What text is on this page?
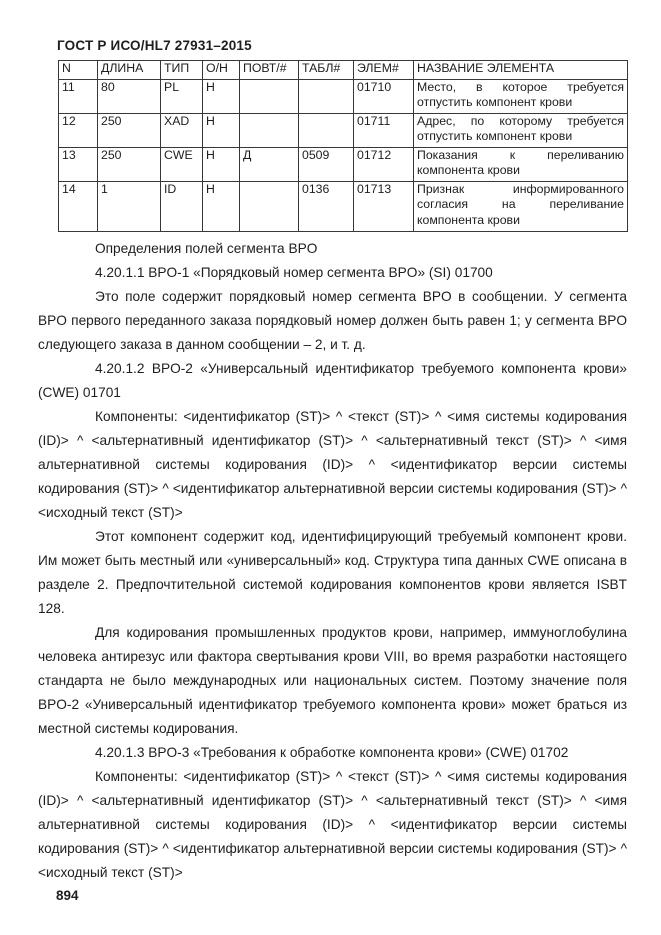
ГОСТ Р ИСО/HL7 27931–2015
N	ДЛИНА	ТИП	О/Н	ПОВТ/#	ТАБЛ#	ЭЛЕМ#	НАЗВАНИЕ ЭЛЕМЕНТА
11	80	PL	Н			01710	Место, в которое требуется отпустить компонент крови
12	250	XAD	Н			01711	Адрес, по которому требуется отпустить компонент крови
13	250	CWE	Н	Д	0509	01712	Показания к переливанию компонента крови
14	1	ID	Н		0136	01713	Признак информированного согласия на переливание компонента крови

Определения полей сегмента BPO

4.20.1.1 BPO-1 «Порядковый номер сегмента BPO» (SI) 01700

Это поле содержит порядковый номер сегмента BPO в сообщении. У сегмента BPO первого переданного заказа порядковый номер должен быть равен 1; у сегмента BPO следующего заказа в данном сообщении – 2, и т. д.

4.20.1.2 BPO-2 «Универсальный идентификатор требуемого компонента крови» (CWE) 01701

Компоненты: <идентификатор (ST)> ^ <текст (ST)> ^ <имя системы кодирования (ID)> ^ <альтернативный идентификатор (ST)> ^ <альтернативный текст (ST)> ^ <имя альтернативной системы кодирования (ID)> ^ <идентификатор версии системы кодирования (ST)> ^ <идентификатор альтернативной версии системы кодирования (ST)> ^ <исходный текст (ST)>

Этот компонент содержит код, идентифицирующий требуемый компонент крови. Им может быть местный или «универсальный» код. Структура типа данных CWE описана в разделе 2. Предпочтительной системой кодирования компонентов крови является ISBT 128.

Для кодирования промышленных продуктов крови, например, иммуноглобулина человека антирезус или фактора свертывания крови VIII, во время разработки настоящего стандарта не было международных или национальных систем. Поэтому значение поля BPO-2 «Универсальный идентификатор требуемого компонента крови» может браться из местной системы кодирования.

4.20.1.3 BPO-3 «Требования к обработке компонента крови» (CWE) 01702

Компоненты: <идентификатор (ST)> ^ <текст (ST)> ^ <имя системы кодирования (ID)> ^ <альтернативный идентификатор (ST)> ^ <альтернативный текст (ST)> ^ <имя альтернативной системы кодирования (ID)> ^ <идентификатор версии системы кодирования (ST)> ^ <идентификатор альтернативной версии системы кодирования (ST)> ^ <исходный текст (ST)>

894
